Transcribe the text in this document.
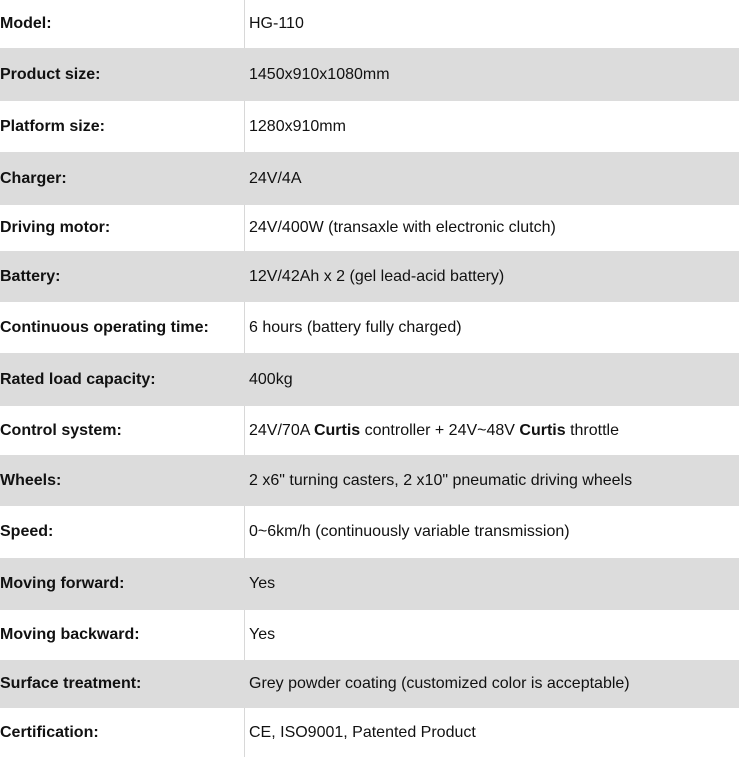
Model:	HG-110
Product size:	1450x910x1080mm
Platform size:	1280x910mm
Charger:	24V/4A
Driving motor:	24V/400W (transaxle with electronic clutch)
Battery:	12V/42Ah x 2 (gel lead-acid battery)
Continuous operating time:	6 hours (battery fully charged)
Rated load capacity:	400kg
Control system:	24V/70A Curtis controller + 24V~48V Curtis throttle
Wheels:	2 x6" turning casters, 2 x10" pneumatic driving wheels
Speed:	0~6km/h (continuously variable transmission)
Moving forward:	Yes
Moving backward:	Yes
Surface treatment:	Grey powder coating (customized color is acceptable)
Certification:	CE, ISO9001, Patented Product
